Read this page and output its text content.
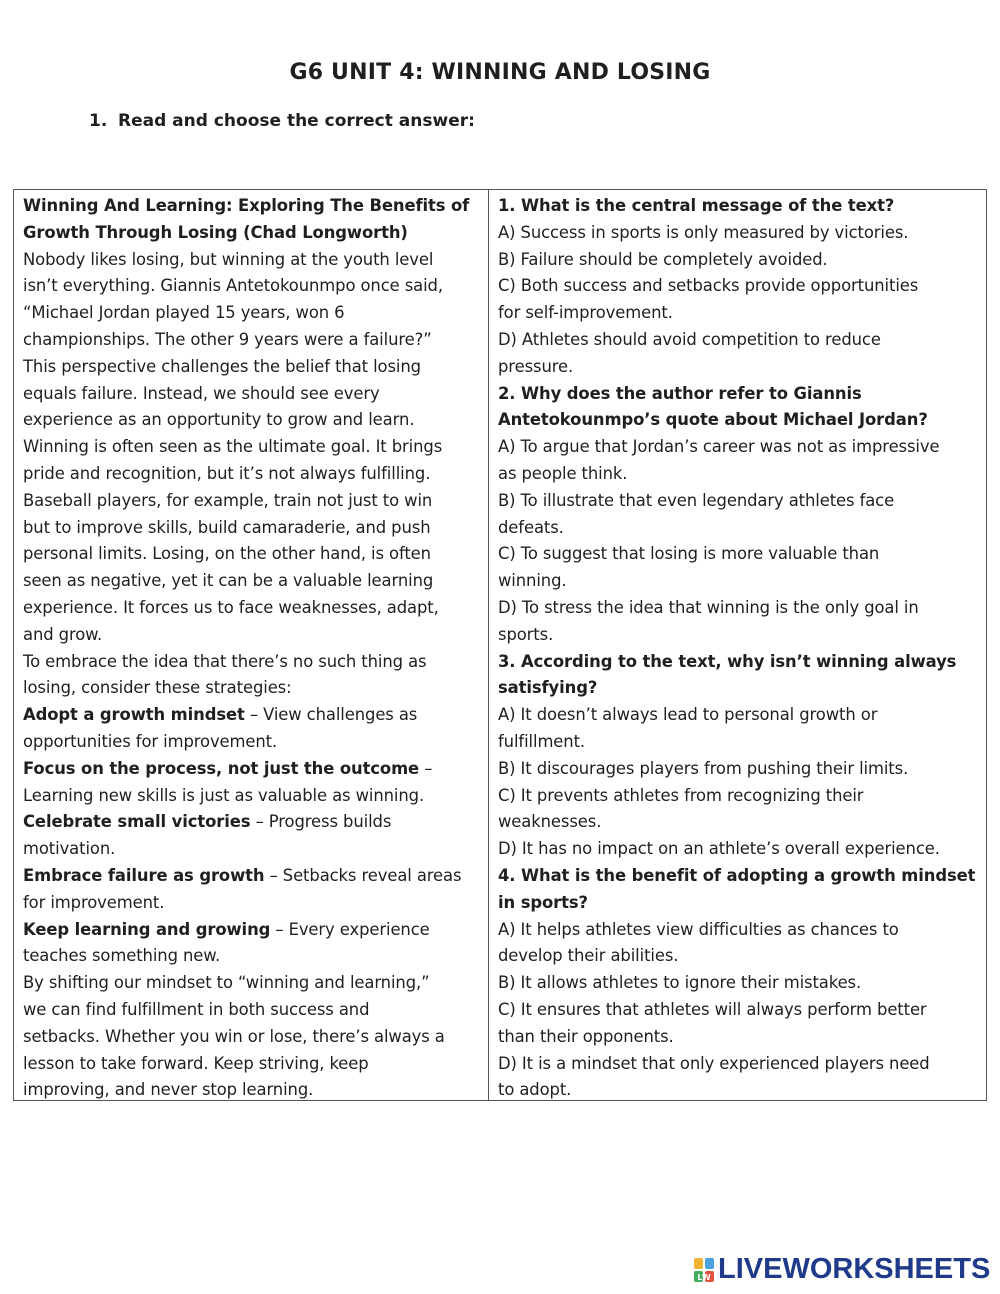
G6 UNIT 4: WINNING AND LOSING
1. Read and choose the correct answer:
Winning And Learning: Exploring The Benefits of
Growth Through Losing (Chad Longworth)
Nobody likes losing, but winning at the youth level
isn’t everything. Giannis Antetokounmpo once said,
“Michael Jordan played 15 years, won 6
championships. The other 9 years were a failure?”
This perspective challenges the belief that losing
equals failure. Instead, we should see every
experience as an opportunity to grow and learn.
Winning is often seen as the ultimate goal. It brings
pride and recognition, but it’s not always fulfilling.
Baseball players, for example, train not just to win
but to improve skills, build camaraderie, and push
personal limits. Losing, on the other hand, is often
seen as negative, yet it can be a valuable learning
experience. It forces us to face weaknesses, adapt,
and grow.
To embrace the idea that there’s no such thing as
losing, consider these strategies:
Adopt a growth mindset – View challenges as
opportunities for improvement.
Focus on the process, not just the outcome –
Learning new skills is just as valuable as winning.
Celebrate small victories – Progress builds
motivation.
Embrace failure as growth – Setbacks reveal areas
for improvement.
Keep learning and growing – Every experience
teaches something new.
By shifting our mindset to “winning and learning,”
we can find fulfillment in both success and
setbacks. Whether you win or lose, there’s always a
lesson to take forward. Keep striving, keep
improving, and never stop learning.
1. What is the central message of the text?
A) Success in sports is only measured by victories.
B) Failure should be completely avoided.
C) Both success and setbacks provide opportunities
for self-improvement.
D) Athletes should avoid competition to reduce
pressure.
2. Why does the author refer to Giannis
Antetokounmpo’s quote about Michael Jordan?
A) To argue that Jordan’s career was not as impressive
as people think.
B) To illustrate that even legendary athletes face
defeats.
C) To suggest that losing is more valuable than
winning.
D) To stress the idea that winning is the only goal in
sports.
3. According to the text, why isn’t winning always
satisfying?
A) It doesn’t always lead to personal growth or
fulfillment.
B) It discourages players from pushing their limits.
C) It prevents athletes from recognizing their
weaknesses.
D) It has no impact on an athlete’s overall experience.
4. What is the benefit of adopting a growth mindset
in sports?
A) It helps athletes view difficulties as chances to
develop their abilities.
B) It allows athletes to ignore their mistakes.
C) It ensures that athletes will always perform better
than their opponents.
D) It is a mindset that only experienced players need
to adopt.
LW LIVEWORKSHEETS
